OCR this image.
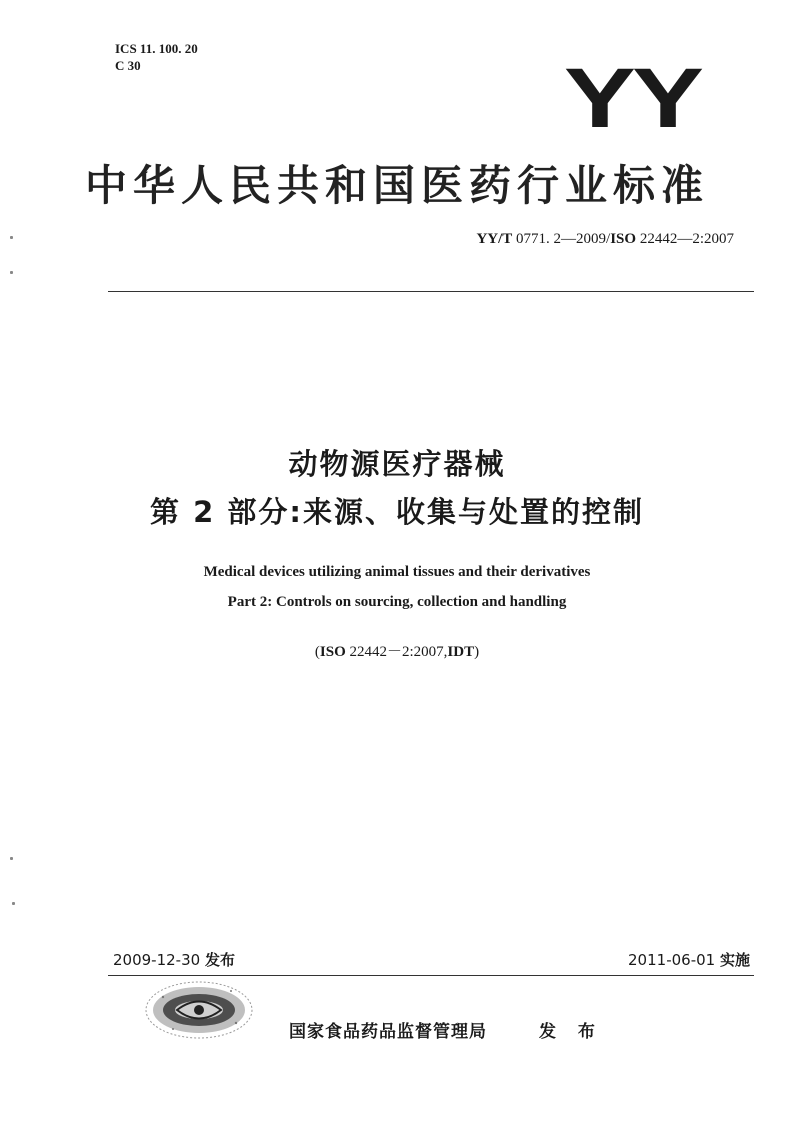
ICS 11. 100. 20
C 30	YY
中华人民共和国医药行业标准
YY/T 0771. 2—2009/ISO 22442—2:2007
动物源医疗器械
第 2 部分:来源、收集与处置的控制
Medical devices utilizing animal tissues and their derivatives
Part 2: Controls on sourcing, collection and handling
(ISO 22442－2:2007,IDT)
2009-12-30 发布	2011-06-01 实施
国家食品药品监督管理局	发 布
